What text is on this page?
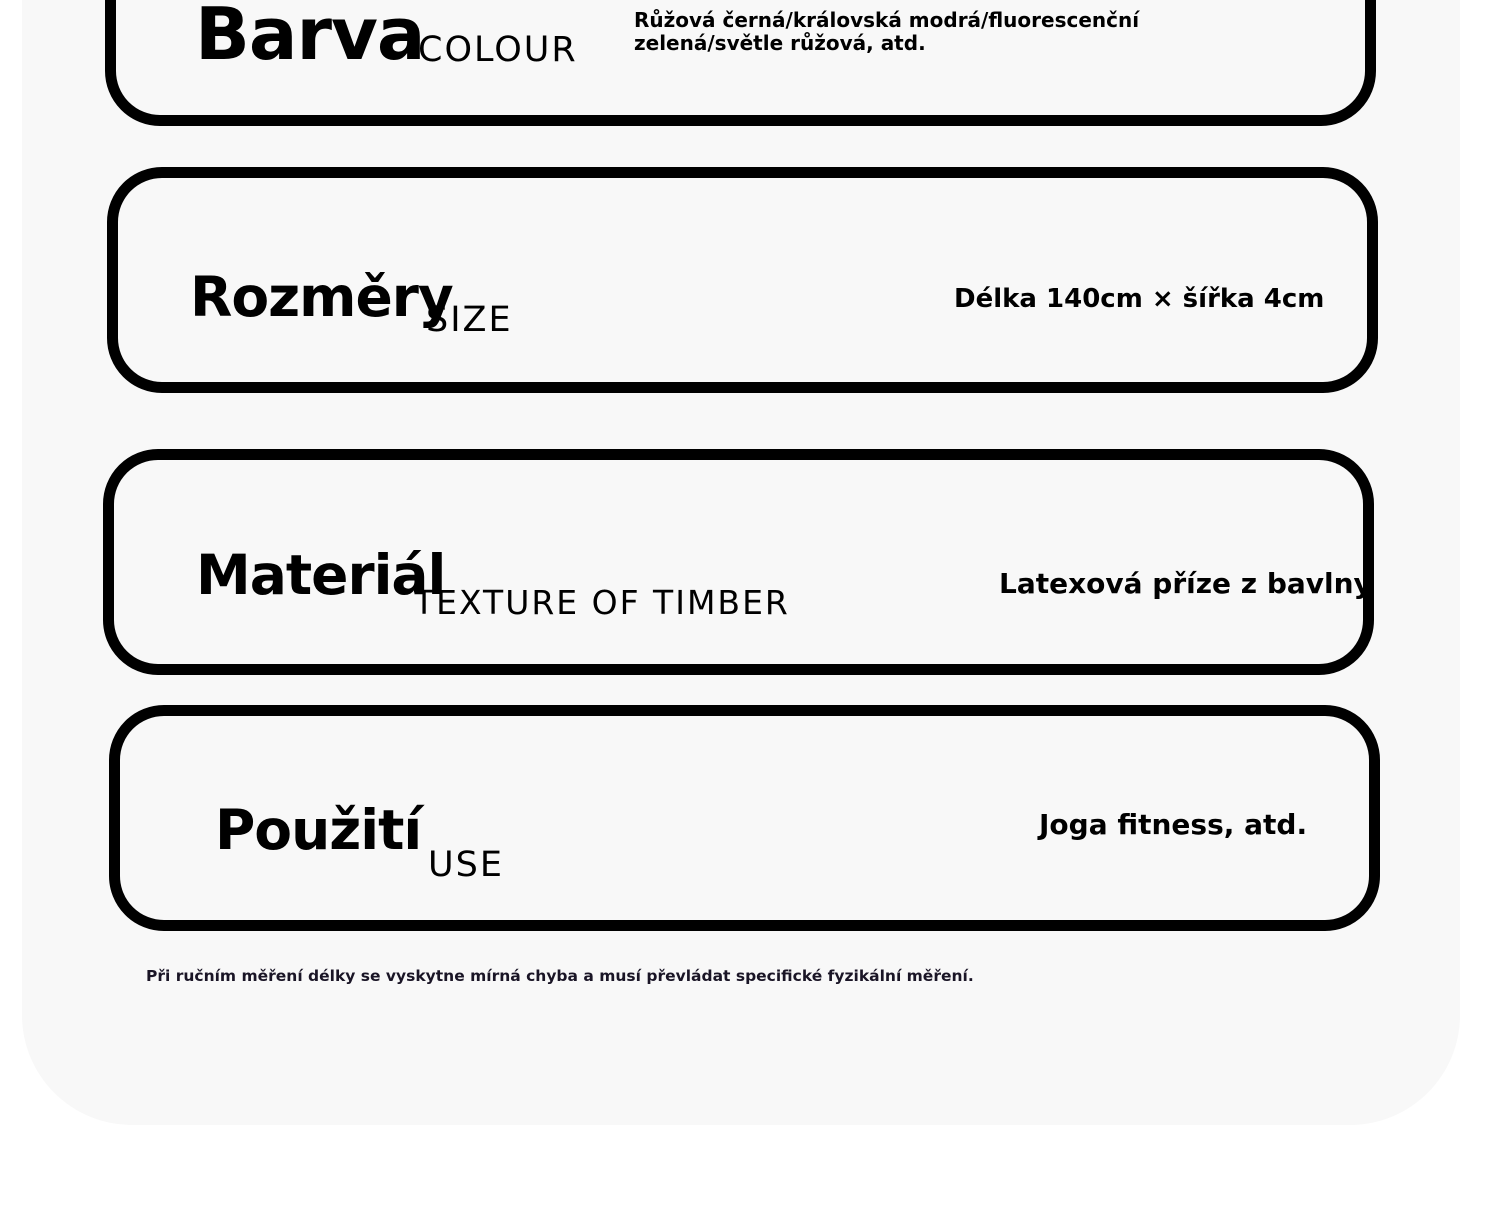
Barva
COLOUR
Růžová černá/královská modrá/fluorescenční zelená/světle růžová, atd.
Rozměry
SIZE
Délka 140cm × šířka 4cm
Materiál
TEXTURE OF TIMBER	Latexová příze z bavlny
Použití
USE
Joga fitness, atd.
Při ručním měření délky se vyskytne mírná chyba a musí převládat specifické fyzikální měření.
